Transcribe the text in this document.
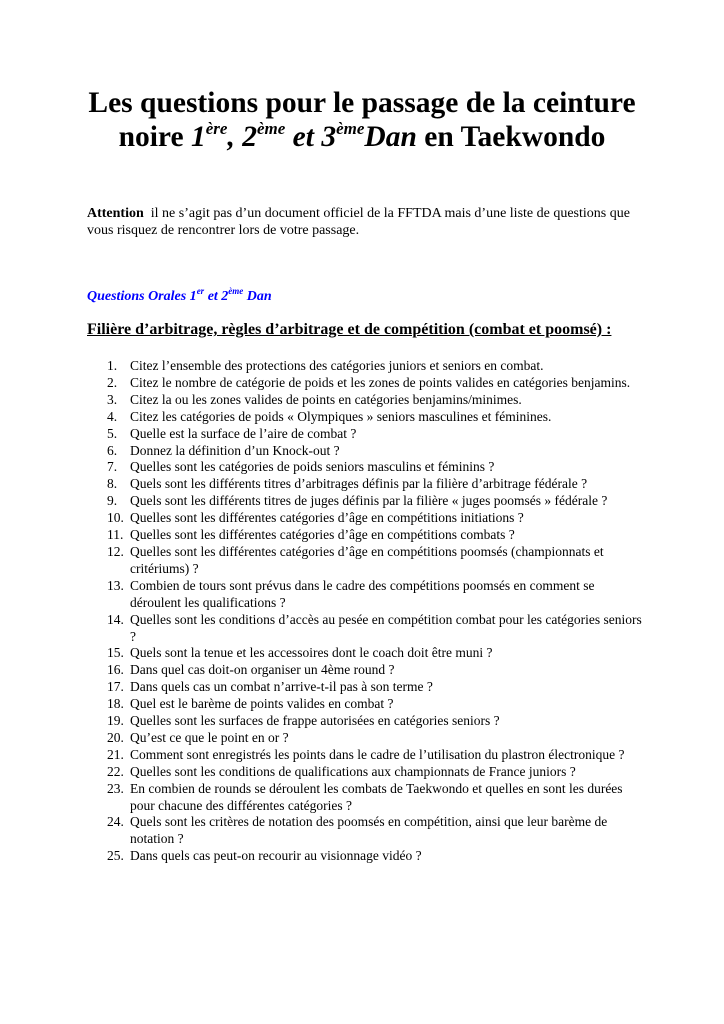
Les questions pour le passage de la ceinture
noire 1ère, 2ème et 3èmeDan en Taekwondo

Attention il ne s’agit pas d’un document officiel de la FFTDA mais d’une liste de questions que vous risquez de rencontrer lors de votre passage.

Questions Orales 1er et 2ème Dan

Filière d’arbitrage, règles d’arbitrage et de compétition (combat et poomsé) :

1. Citez l’ensemble des protections des catégories juniors et seniors en combat.
2. Citez le nombre de catégorie de poids et les zones de points valides en catégories benjamins.
3. Citez la ou les zones valides de points en catégories benjamins/minimes.
4. Citez les catégories de poids « Olympiques » seniors masculines et féminines.
5. Quelle est la surface de l’aire de combat ?
6. Donnez la définition d’un Knock-out ?
7. Quelles sont les catégories de poids seniors masculins et féminins ?
8. Quels sont les différents titres d’arbitrages définis par la filière d’arbitrage fédérale ?
9. Quels sont les différents titres de juges définis par la filière « juges poomsés » fédérale ?
10. Quelles sont les différentes catégories d’âge en compétitions initiations ?
11. Quelles sont les différentes catégories d’âge en compétitions combats ?
12. Quelles sont les différentes catégories d’âge en compétitions poomsés (championnats et critériums) ?
13. Combien de tours sont prévus dans le cadre des compétitions poomsés en comment se déroulent les qualifications ?
14. Quelles sont les conditions d’accès au pesée en compétition combat pour les catégories seniors ?
15. Quels sont la tenue et les accessoires dont le coach doit être muni ?
16. Dans quel cas doit-on organiser un 4ème round ?
17. Dans quels cas un combat n’arrive-t-il pas à son terme ?
18. Quel est le barème de points valides en combat ?
19. Quelles sont les surfaces de frappe autorisées en catégories seniors ?
20. Qu’est ce que le point en or ?
21. Comment sont enregistrés les points dans le cadre de l’utilisation du plastron électronique ?
22. Quelles sont les conditions de qualifications aux championnats de France juniors ?
23. En combien de rounds se déroulent les combats de Taekwondo et quelles en sont les durées pour chacune des différentes catégories ?
24. Quels sont les critères de notation des poomsés en compétition, ainsi que leur barème de notation ?
25. Dans quels cas peut-on recourir au visionnage vidéo ?
